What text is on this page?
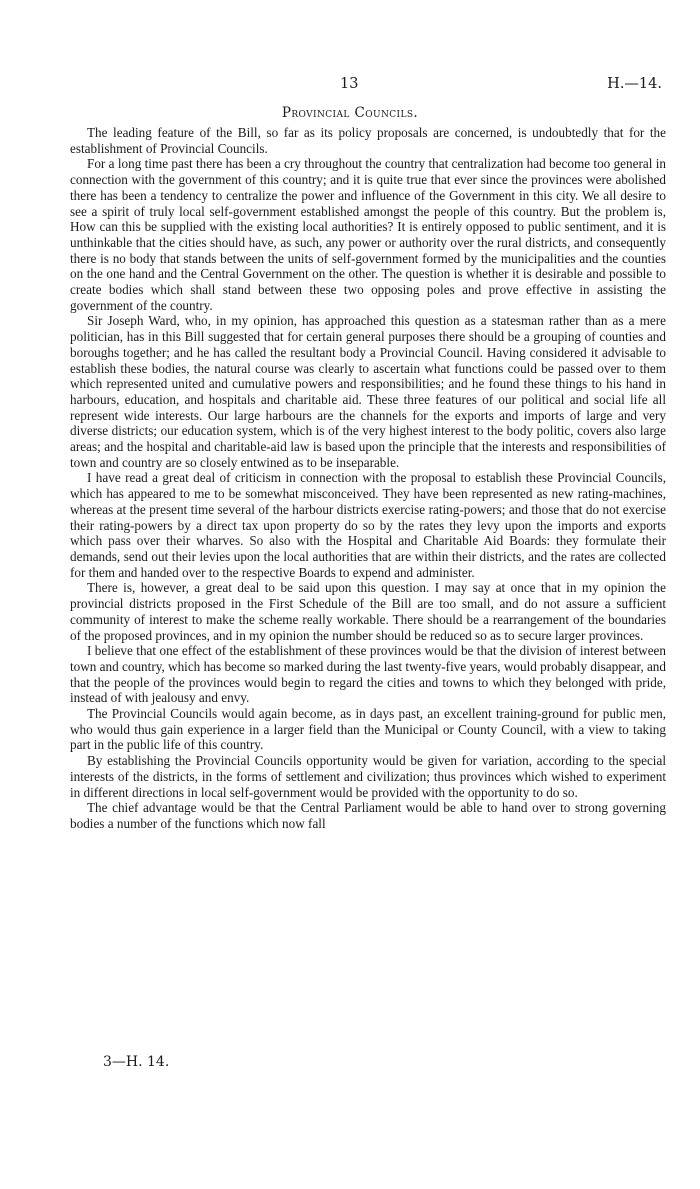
13	H.—14.
Provincial Councils.

The leading feature of the Bill, so far as its policy proposals are concerned, is undoubtedly that for the establishment of Provincial Councils.

For a long time past there has been a cry throughout the country that centralization had become too general in connection with the government of this country; and it is quite true that ever since the provinces were abolished there has been a tendency to centralize the power and influence of the Government in this city. We all desire to see a spirit of truly local self-government established amongst the people of this country. But the problem is, How can this be supplied with the existing local authorities? It is entirely opposed to public sentiment, and it is unthinkable that the cities should have, as such, any power or authority over the rural districts, and consequently there is no body that stands between the units of self-government formed by the municipalities and the counties on the one hand and the Central Government on the other. The question is whether it is desirable and possible to create bodies which shall stand between these two opposing poles and prove effective in assisting the government of the country.

Sir Joseph Ward, who, in my opinion, has approached this question as a statesman rather than as a mere politician, has in this Bill suggested that for certain general purposes there should be a grouping of counties and boroughs together; and he has called the resultant body a Provincial Council. Having considered it advisable to establish these bodies, the natural course was clearly to ascertain what functions could be passed over to them which represented united and cumulative powers and responsibilities; and he found these things to his hand in harbours, education, and hospitals and charitable aid. These three features of our political and social life all represent wide interests. Our large harbours are the channels for the exports and imports of large and very diverse districts; our education system, which is of the very highest interest to the body politic, covers also large areas; and the hospital and charitable-aid law is based upon the principle that the interests and responsibilities of town and country are so closely entwined as to be inseparable.

I have read a great deal of criticism in connection with the proposal to establish these Provincial Councils, which has appeared to me to be somewhat misconceived. They have been represented as new rating-machines, whereas at the present time several of the harbour districts exercise rating-powers; and those that do not exercise their rating-powers by a direct tax upon property do so by the rates they levy upon the imports and exports which pass over their wharves. So also with the Hospital and Charitable Aid Boards: they formulate their demands, send out their levies upon the local authorities that are within their districts, and the rates are collected for them and handed over to the respective Boards to expend and administer.

There is, however, a great deal to be said upon this question. I may say at once that in my opinion the provincial districts proposed in the First Schedule of the Bill are too small, and do not assure a sufficient community of interest to make the scheme really workable. There should be a rearrangement of the boundaries of the proposed provinces, and in my opinion the number should be reduced so as to secure larger provinces.

I believe that one effect of the establishment of these provinces would be that the division of interest between town and country, which has become so marked during the last twenty-five years, would probably disappear, and that the people of the provinces would begin to regard the cities and towns to which they belonged with pride, instead of with jealousy and envy.

The Provincial Councils would again become, as in days past, an excellent training-ground for public men, who would thus gain experience in a larger field than the Municipal or County Council, with a view to taking part in the public life of this country.

By establishing the Provincial Councils opportunity would be given for variation, according to the special interests of the districts, in the forms of settlement and civilization; thus provinces which wished to experiment in different directions in local self-government would be provided with the opportunity to do so.

The chief advantage would be that the Central Parliament would be able to hand over to strong governing bodies a number of the functions which now fall

3—H. 14.
